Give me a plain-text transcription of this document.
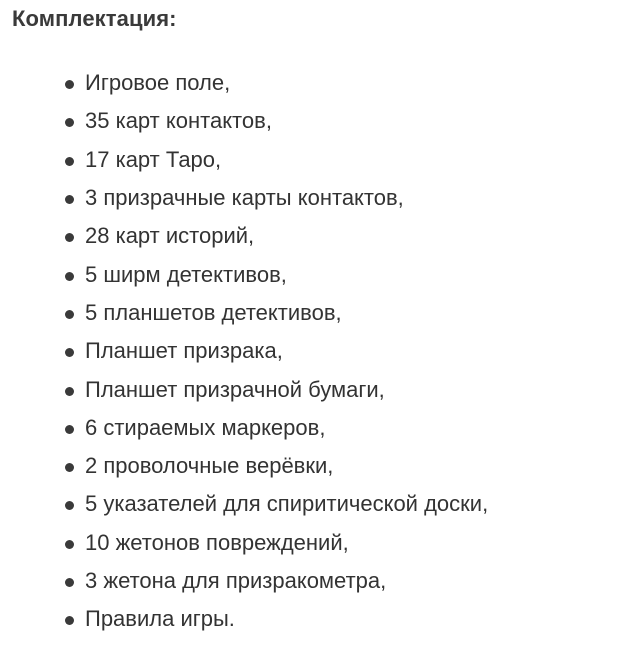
Комплектация:
Игровое поле,
35 карт контактов,
17 карт Таро,
3 призрачные карты контактов,
28 карт историй,
5 ширм детективов,
5 планшетов детективов,
Планшет призрака,
Планшет призрачной бумаги,
6 стираемых маркеров,
2 проволочные верёвки,
5 указателей для спиритической доски,
10 жетонов повреждений,
3 жетона для призракометра,
Правила игры.
